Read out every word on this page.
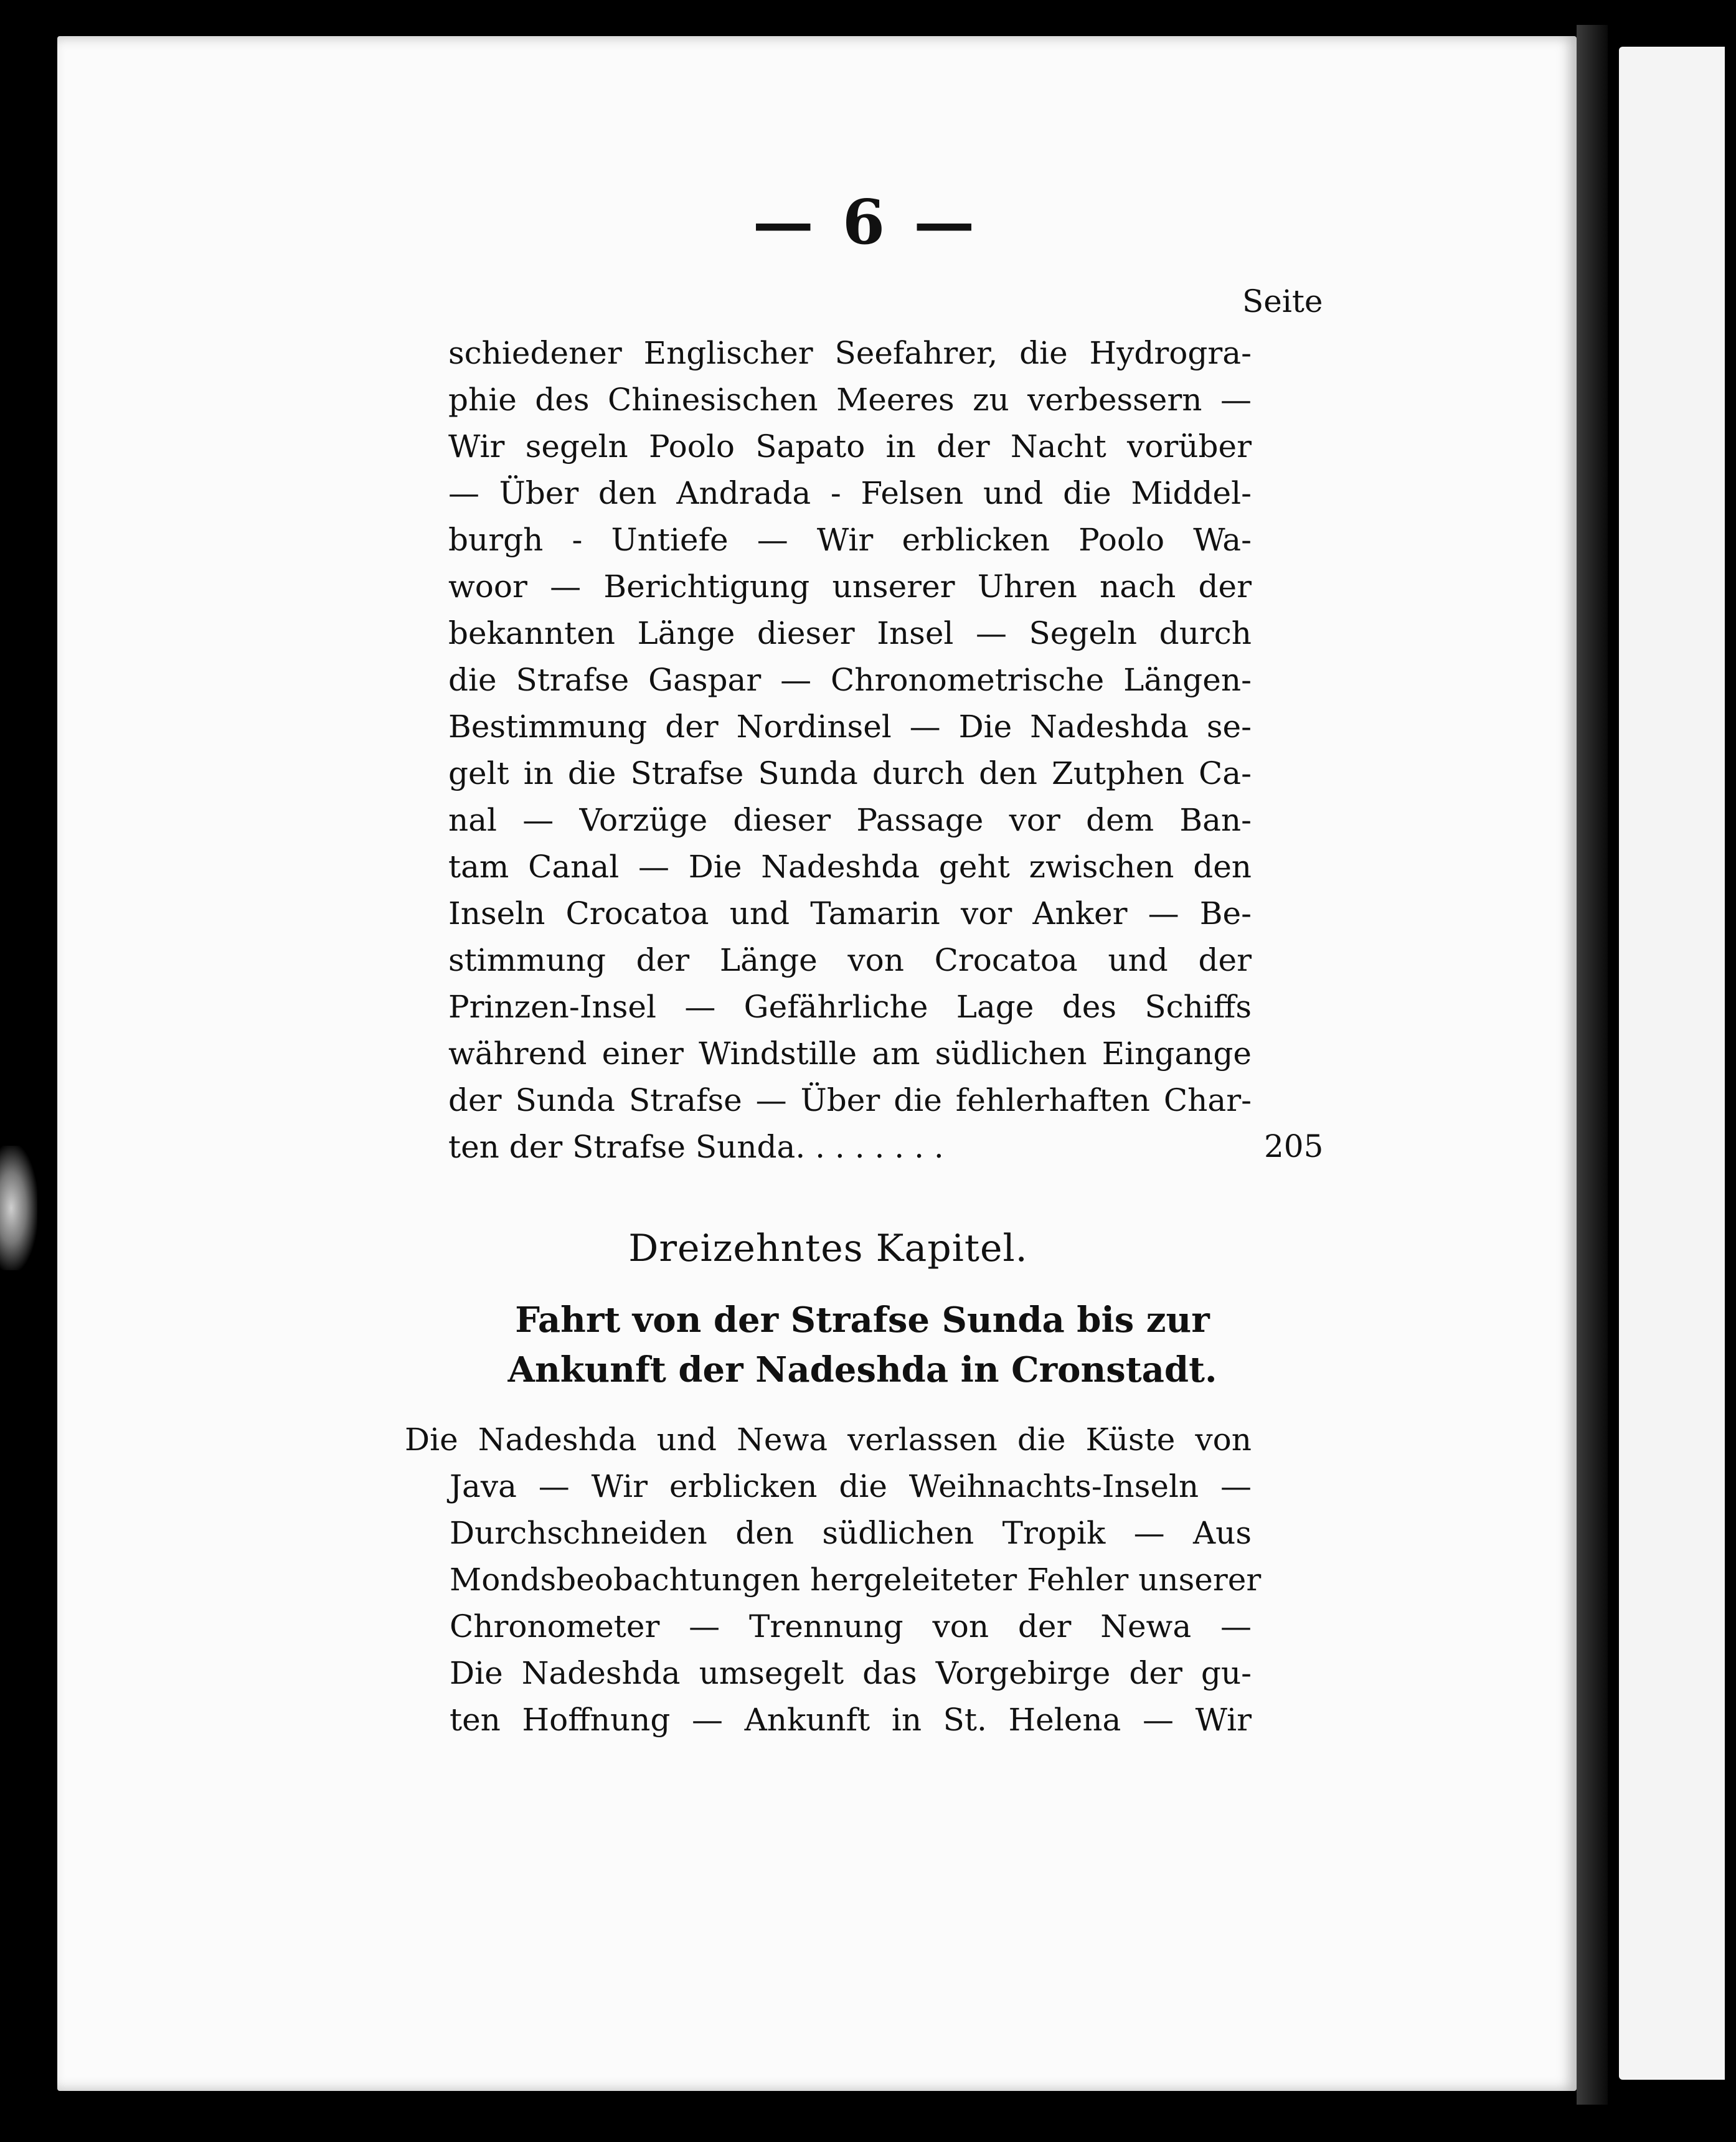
— 6 —
Seite
schiedener Englischer Seefahrer, die Hydrogra-
phie des Chinesischen Meeres zu verbessern —
Wir segeln Poolo Sapato in der Nacht vorüber
— Über den Andrada - Felsen und die Middel-
burgh - Untiefe — Wir erblicken Poolo Wa-
woor — Berichtigung unserer Uhren nach der
bekannten Länge dieser Insel — Segeln durch
die Strafse Gaspar — Chronometrische Längen-
Bestimmung der Nordinsel — Die Nadeshda se-
gelt in die Strafse Sunda durch den Zutphen Ca-
nal — Vorzüge dieser Passage vor dem Ban-
tam Canal — Die Nadeshda geht zwischen den
Inseln Crocatoa und Tamarin vor Anker — Be-
stimmung der Länge von Crocatoa und der
Prinzen-Insel — Gefährliche Lage des Schiffs
während einer Windstille am südlichen Eingange
der Sunda Strafse — Über die fehlerhaften Char-
ten der Strafse Sunda. . . . . . . .	205
Dreizehntes Kapitel.
Fahrt von der Strafse Sunda bis zur
Ankunft der Nadeshda in Cronstadt.
Die Nadeshda und Newa verlassen die Küste von
Java — Wir erblicken die Weihnachts-Inseln —
Durchschneiden den südlichen Tropik — Aus
Mondsbeobachtungen hergeleiteter Fehler unserer
Chronometer — Trennung von der Newa —
Die Nadeshda umsegelt das Vorgebirge der gu-
ten Hoffnung — Ankunft in St. Helena — Wir
